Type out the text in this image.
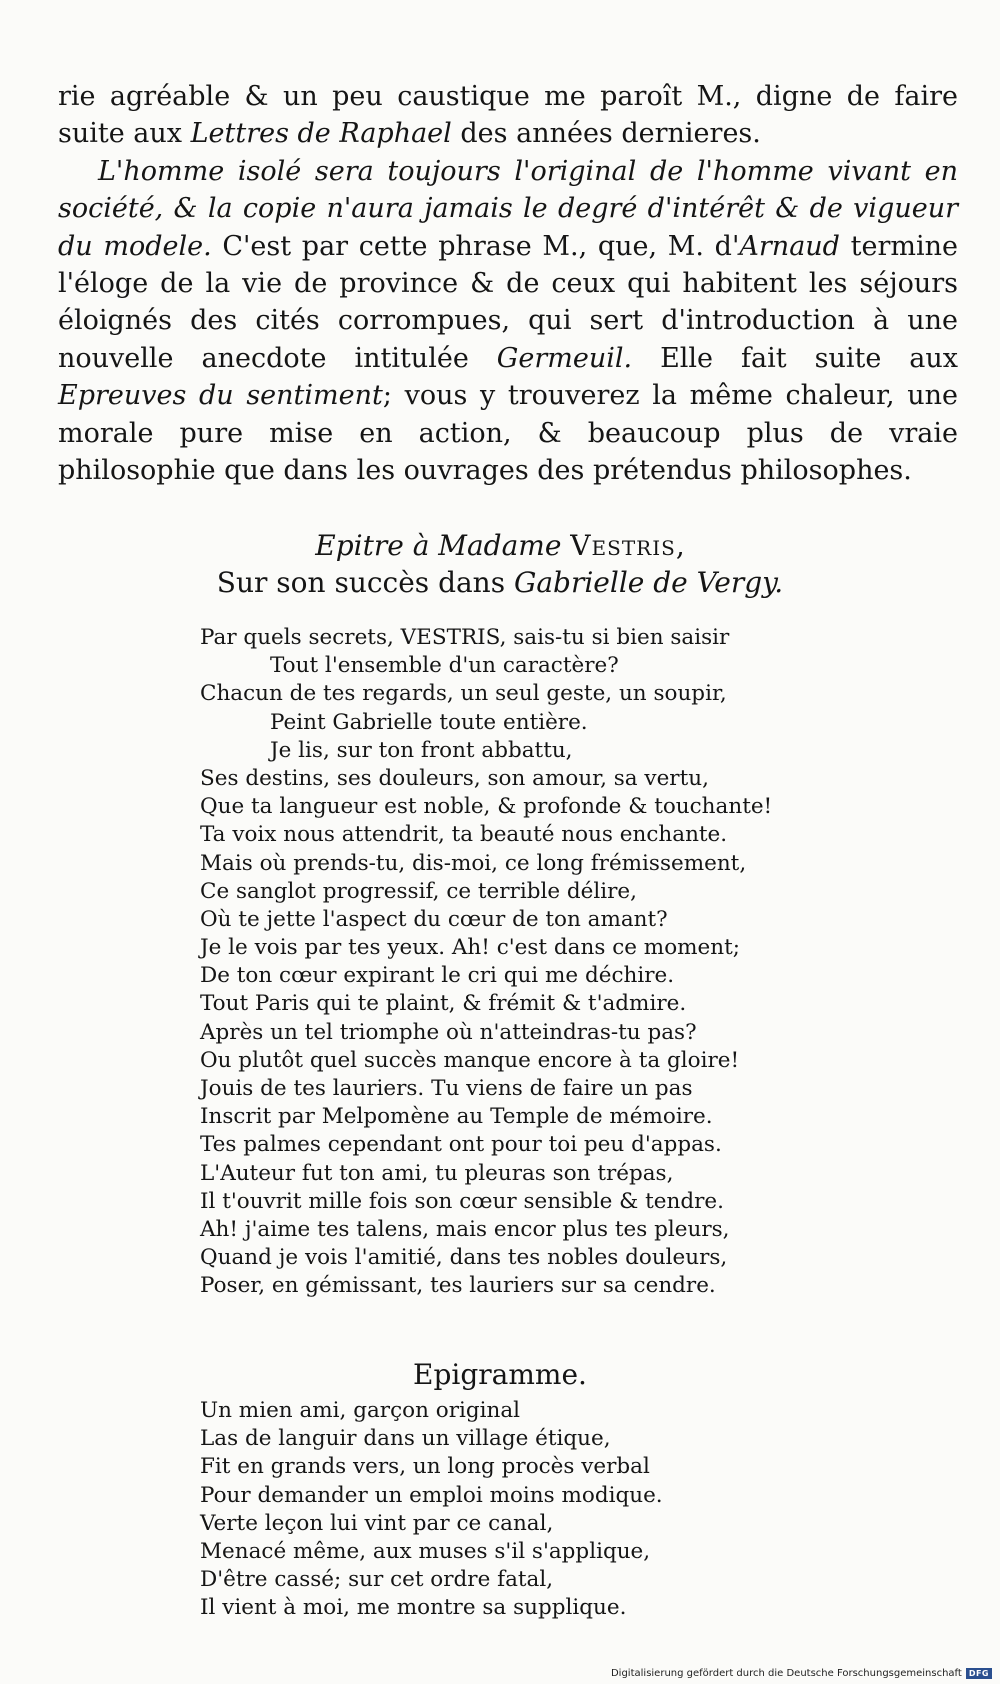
rie agréable & un peu caustique me paroît M., digne de faire suite aux Lettres de Raphael des années dernieres.

L'homme isolé sera toujours l'original de l'homme vivant en société, & la copie n'aura jamais le degré d'intérêt & de vigueur du modele. C'est par cette phrase M., que, M. d'Arnaud termine l'éloge de la vie de province & de ceux qui habitent les séjours éloignés des cités corrompues, qui sert d'introduction à une nouvelle anecdote intitulée Germeuil. Elle fait suite aux Epreuves du sentiment; vous y trouverez la même chaleur, une morale pure mise en action, & beaucoup plus de vraie philosophie que dans les ouvrages des prétendus philosophes.

Epitre à Madame Vestris,
Sur son succès dans Gabrielle de Vergy.
Par quels secrets, VESTRIS, sais-tu si bien saisir
Tout l'ensemble d'un caractère?
Chacun de tes regards, un seul geste, un soupir,
Peint Gabrielle toute entière.
Je lis, sur ton front abbattu,
Ses destins, ses douleurs, son amour, sa vertu,
Que ta langueur est noble, & profonde & touchante!
Ta voix nous attendrit, ta beauté nous enchante.
Mais où prends-tu, dis-moi, ce long frémissement,
Ce sanglot progressif, ce terrible délire,
Où te jette l'aspect du cœur de ton amant?
Je le vois par tes yeux. Ah! c'est dans ce moment;
De ton cœur expirant le cri qui me déchire.
Tout Paris qui te plaint, & frémit & t'admire.
Après un tel triomphe où n'atteindras-tu pas?
Ou plutôt quel succès manque encore à ta gloire!
Jouis de tes lauriers. Tu viens de faire un pas
Inscrit par Melpomène au Temple de mémoire.
Tes palmes cependant ont pour toi peu d'appas.
L'Auteur fut ton ami, tu pleuras son trépas,
Il t'ouvrit mille fois son cœur sensible & tendre.
Ah! j'aime tes talens, mais encor plus tes pleurs,
Quand je vois l'amitié, dans tes nobles douleurs,
Poser, en gémissant, tes lauriers sur sa cendre.
Epigramme.
Un mien ami, garçon original
Las de languir dans un village étique,
Fit en grands vers, un long procès verbal
Pour demander un emploi moins modique.
Verte leçon lui vint par ce canal,
Menacé même, aux muses s'il s'applique,
D'être cassé; sur cet ordre fatal,
Il vient à moi, me montre sa supplique.
Digitalisierung gefördert durch die Deutsche Forschungsgemeinschaft DFG
